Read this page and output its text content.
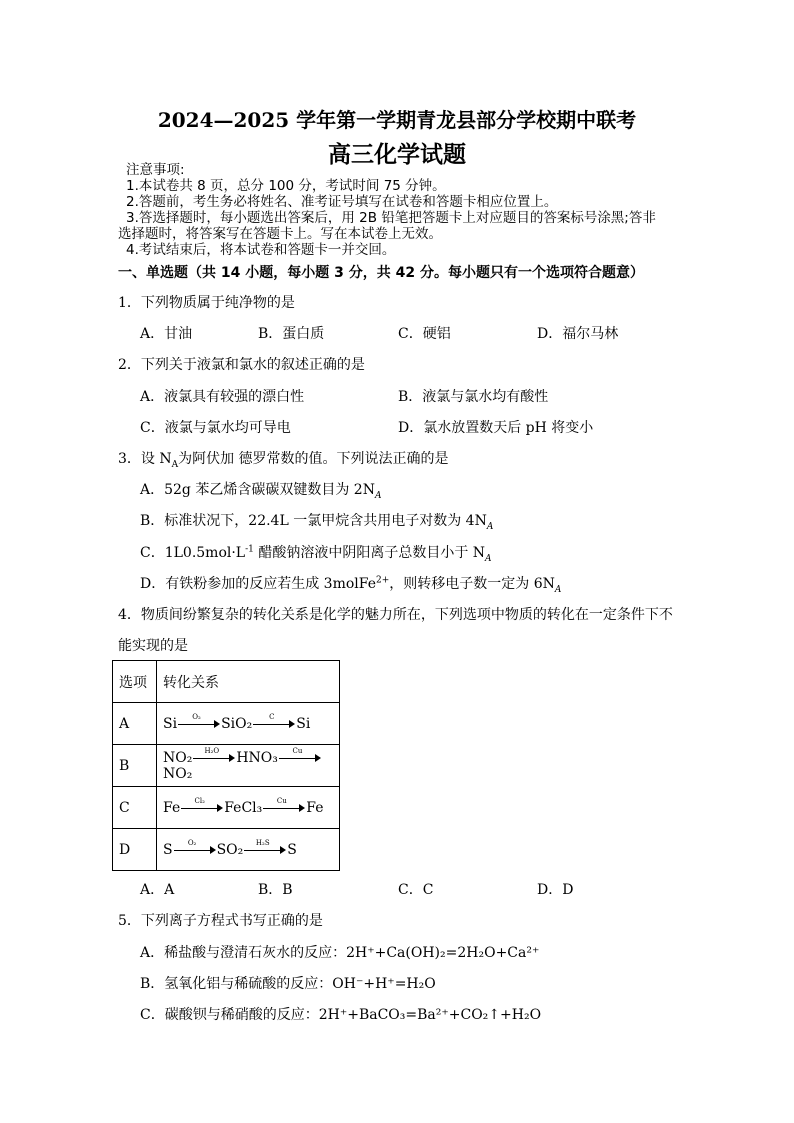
2024—2025 学年第一学期青龙县部分学校期中联考
高三化学试题
注意事项:
1.本试卷共 8 页，总分 100 分，考试时间 75 分钟。
2.答题前，考生务必将姓名、准考证号填写在试卷和答题卡相应位置上。
3.答选择题时，每小题选出答案后，用 2B 铅笔把答题卡上对应题目的答案标号涂黑;答非
选择题时，将答案写在答题卡上。写在本试卷上无效。
4.考试结束后，将本试卷和答题卡一并交回。
一、单选题（共 14 小题，每小题 3 分，共 42 分。每小题只有一个选项符合题意）
1．下列物质属于纯净物的是
A．甘油	B．蛋白质	C．硬铝	D．福尔马林
2．下列关于液氯和氯水的叙述正确的是
A．液氯具有较强的漂白性	B．液氯与氯水均有酸性
C．液氯与氯水均可导电	D．氯水放置数天后 pH 将变小
3．设 $N_A$为阿伏加 德罗常数的值。下列说法正确的是
A．52g 苯乙烯含碳碳双键数目为 $2N_A$
B．标准状况下，22.4L 一氯甲烷含共用电子对数为 $4N_A$
C．$1L0.5mol\cdot L^{-1}$ 醋酸钠溶液中阴阳离子总数目小于 $N_A$
D．有铁粉参加的反应若生成 3molFe$^{2+}$，则转移电子数一定为 $6N_A$
4．物质间纷繁复杂的转化关系是化学的魅力所在，下列选项中物质的转化在一定条件下不
能实现的是
选项	转化关系
A	Si O₂ SiO₂ C Si
B	NO₂ H₂O HNO₃ Cu
NO₂
C	Fe Cl₂ FeCl₃ Cu Fe
D	S O₂ SO₂ H₂S S
A．A	B．B	C．C	D．D
5．下列离子方程式书写正确的是
A．稀盐酸与澄清石灰水的反应：2H⁺+Ca(OH)₂=2H₂O+Ca²⁺
B．氢氧化铝与稀硫酸的反应：OH⁻+H⁺=H₂O
C．碳酸钡与稀硝酸的反应：2H⁺+BaCO₃=Ba²⁺+CO₂↑+H₂O
